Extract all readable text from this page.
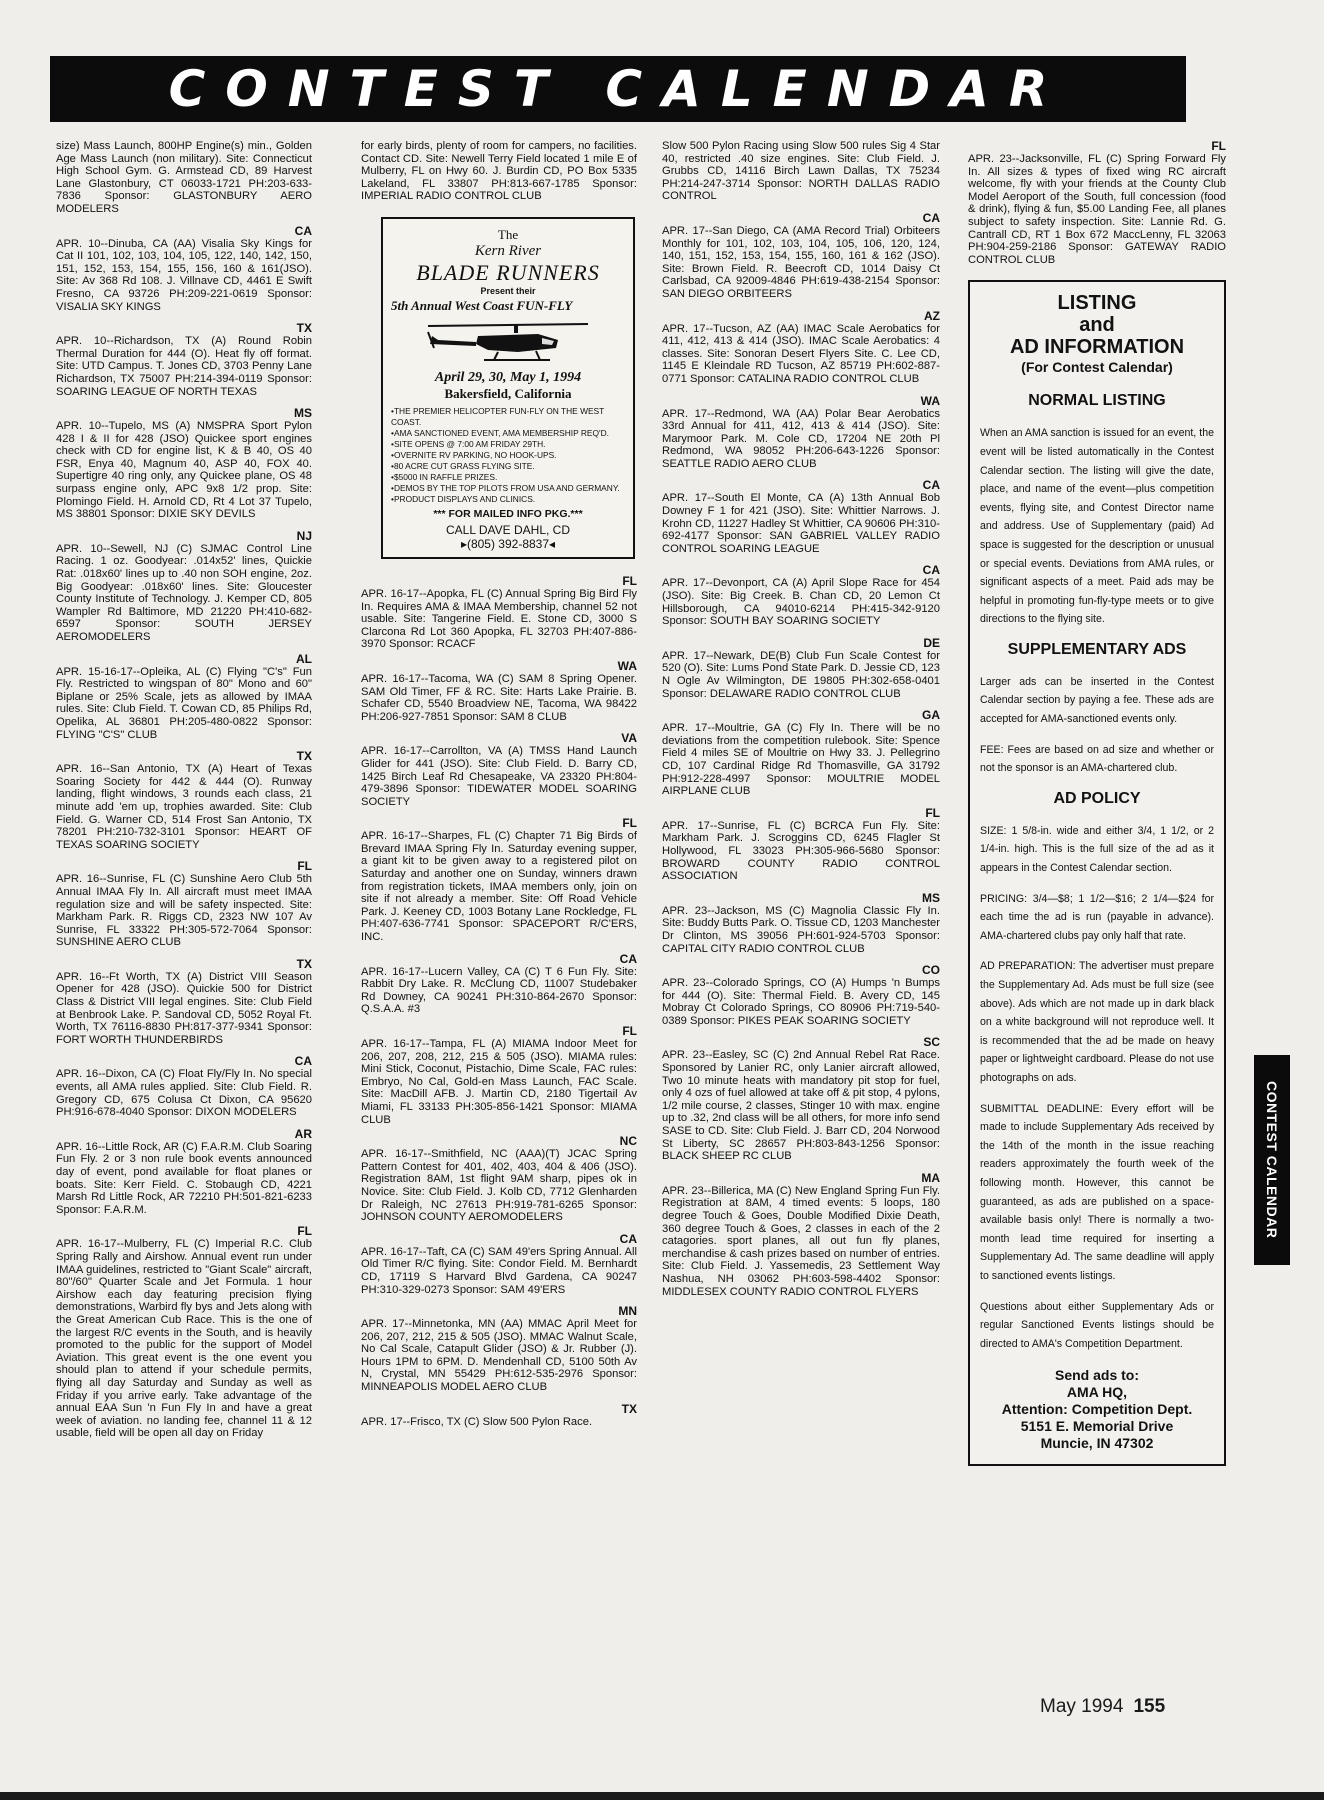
CONTEST CALENDAR
size) Mass Launch, 800HP Engine(s) min., Golden Age Mass Launch (non military). Site: Connecticut High School Gym. G. Armstead CD, 89 Harvest Lane Glastonbury, CT 06033-1721 PH:203-633-7836 Sponsor: GLASTONBURY AERO MODELERS
CA
APR. 10--Dinuba, CA (AA) Visalia Sky Kings for Cat II 101, 102, 103, 104, 105, 122, 140, 142, 150, 151, 152, 153, 154, 155, 156, 160 & 161(JSO). Site: Av 368 Rd 108. J. Villnave CD, 4461 E Swift Fresno, CA 93726 PH:209-221-0619 Sponsor: VISALIA SKY KINGS
TX
APR. 10--Richardson, TX (A) Round Robin Thermal Duration for 444 (O). Heat fly off format. Site: UTD Campus. T. Jones CD, 3703 Penny Lane Richardson, TX 75007 PH:214-394-0119 Sponsor: SOARING LEAGUE OF NORTH TEXAS
MS
APR. 10--Tupelo, MS (A) NMSPRA Sport Pylon 428 I & II for 428 (JSO) Quickee sport engines check with CD for engine list, K & B 40, OS 40 FSR, Enya 40, Magnum 40, ASP 40, FOX 40. Supertigre 40 ring only, any Quickee plane, OS 48 surpass engine only, APC 9x8 1/2 prop. Site: Plomingo Field. H. Arnold CD, Rt 4 Lot 37 Tupelo, MS 38801 Sponsor: DIXIE SKY DEVILS
NJ
APR. 10--Sewell, NJ (C) SJMAC Control Line Racing. 1 oz. Goodyear: .014x52' lines, Quickie Rat: .018x60' lines up to .40 non SOH engine, 2oz. Big Goodyear: .018x60' lines. Site: Gloucester County Institute of Technology. J. Kemper CD, 805 Wampler Rd Baltimore, MD 21220 PH:410-682-6597 Sponsor: SOUTH JERSEY AEROMODELERS
AL
APR. 15-16-17--Opleika, AL (C) Flying "C's" Fun Fly. Restricted to wingspan of 80" Mono and 60" Biplane or 25% Scale, jets as allowed by IMAA rules. Site: Club Field. T. Cowan CD, 85 Philips Rd, Opelika, AL 36801 PH:205-480-0822 Sponsor: FLYING "C'S" CLUB
TX
APR. 16--San Antonio, TX (A) Heart of Texas Soaring Society for 442 & 444 (O). Runway landing, flight windows, 3 rounds each class, 21 minute add 'em up, trophies awarded. Site: Club Field. G. Warner CD, 514 Frost San Antonio, TX 78201 PH:210-732-3101 Sponsor: HEART OF TEXAS SOARING SOCIETY
FL
APR. 16--Sunrise, FL (C) Sunshine Aero Club 5th Annual IMAA Fly In. All aircraft must meet IMAA regulation size and will be safety inspected. Site: Markham Park. R. Riggs CD, 2323 NW 107 Av Sunrise, FL 33322 PH:305-572-7064 Sponsor: SUNSHINE AERO CLUB
TX
APR. 16--Ft Worth, TX (A) District VIII Season Opener for 428 (JSO). Quickie 500 for District Class & District VIII legal engines. Site: Club Field at Benbrook Lake. P. Sandoval CD, 5052 Royal Ft. Worth, TX 76116-8830 PH:817-377-9341 Sponsor: FORT WORTH THUNDERBIRDS
CA
APR. 16--Dixon, CA (C) Float Fly/Fly In. No special events, all AMA rules applied. Site: Club Field. R. Gregory CD, 675 Colusa Ct Dixon, CA 95620 PH:916-678-4040 Sponsor: DIXON MODELERS
AR
APR. 16--Little Rock, AR (C) F.A.R.M. Club Soaring Fun Fly. 2 or 3 non rule book events announced day of event, pond available for float planes or boats. Site: Kerr Field. C. Stobaugh CD, 4221 Marsh Rd Little Rock, AR 72210 PH:501-821-6233 Sponsor: F.A.R.M.
FL
APR. 16-17--Mulberry, FL (C) Imperial R.C. Club Spring Rally and Airshow. Annual event run under IMAA guidelines, restricted to "Giant Scale" aircraft, 80"/60" Quarter Scale and Jet Formula. 1 hour Airshow each day featuring precision flying demonstrations, Warbird fly bys and Jets along with the Great American Cub Race. This is the one of the largest R/C events in the South, and is heavily promoted to the public for the support of Model Aviation. This great event is the one event you should plan to attend if your schedule permits, flying all day Saturday and Sunday as well as Friday if you arrive early. Take advantage of the annual EAA Sun 'n Fun Fly In and have a great week of aviation. no landing fee, channel 11 & 12 usable, field will be open all day on Friday
for early birds, plenty of room for campers, no facilities. Contact CD. Site: Newell Terry Field located 1 mile E of Mulberry, FL on Hwy 60. J. Burdin CD, PO Box 5335 Lakeland, FL 33807 PH:813-667-1785 Sponsor: IMPERIAL RADIO CONTROL CLUB
The
Kern River
BLADE RUNNERS
Present their
5th Annual West Coast FUN-FLY
April 29, 30, May 1, 1994
Bakersfield, California
• THE PREMIER HELICOPTER FUN-FLY ON THE WEST COAST.
• AMA SANCTIONED EVENT, AMA MEMBERSHIP REQ'D.
• SITE OPENS @ 7:00 AM FRIDAY 29TH.
• OVERNITE RV PARKING, NO HOOK-UPS.
• 80 ACRE CUT GRASS FLYING SITE.
• $5000 IN RAFFLE PRIZES.
• DEMOS BY THE TOP PILOTS FROM USA AND GERMANY.
• PRODUCT DISPLAYS AND CLINICS.
*** FOR MAILED INFO PKG.***
CALL DAVE DAHL, CD
▸(805) 392-8837◂
FL
APR. 16-17--Apopka, FL (C) Annual Spring Big Bird Fly In. Requires AMA & IMAA Membership, channel 52 not usable. Site: Tangerine Field. E. Stone CD, 3000 S Clarcona Rd Lot 360 Apopka, FL 32703 PH:407-886-3970 Sponsor: RCACF
WA
APR. 16-17--Tacoma, WA (C) SAM 8 Spring Opener. SAM Old Timer, FF & RC. Site: Harts Lake Prairie. B. Schafer CD, 5540 Broadview NE, Tacoma, WA 98422 PH:206-927-7851 Sponsor: SAM 8 CLUB
VA
APR. 16-17--Carrollton, VA (A) TMSS Hand Launch Glider for 441 (JSO). Site: Club Field. D. Barry CD, 1425 Birch Leaf Rd Chesapeake, VA 23320 PH:804-479-3896 Sponsor: TIDEWATER MODEL SOARING SOCIETY
FL
APR. 16-17--Sharpes, FL (C) Chapter 71 Big Birds of Brevard IMAA Spring Fly In. Saturday evening supper, a giant kit to be given away to a registered pilot on Saturday and another one on Sunday, winners drawn from registration tickets, IMAA members only, join on site if not already a member. Site: Off Road Vehicle Park. J. Keeney CD, 1003 Botany Lane Rockledge, FL PH:407-636-7741 Sponsor: SPACEPORT R/C'ERS, INC.
CA
APR. 16-17--Lucern Valley, CA (C) T 6 Fun Fly. Site: Rabbit Dry Lake. R. McClung CD, 11007 Studebaker Rd Downey, CA 90241 PH:310-864-2670 Sponsor: Q.S.A.A. #3
FL
APR. 16-17--Tampa, FL (A) MIAMA Indoor Meet for 206, 207, 208, 212, 215 & 505 (JSO). MIAMA rules: Mini Stick, Coconut, Pistachio, Dime Scale, FAC rules: Embryo, No Cal, Gold-en Mass Launch, FAC Scale. Site: MacDill AFB. J. Martin CD, 2180 Tigertail Av Miami, FL 33133 PH:305-856-1421 Sponsor: MIAMA CLUB
NC
APR. 16-17--Smithfield, NC (AAA)(T) JCAC Spring Pattern Contest for 401, 402, 403, 404 & 406 (JSO). Registration 8AM, 1st flight 9AM sharp, pipes ok in Novice. Site: Club Field. J. Kolb CD, 7712 Glenharden Dr Raleigh, NC 27613 PH:919-781-6265 Sponsor: JOHNSON COUNTY AEROMODELERS
CA
APR. 16-17--Taft, CA (C) SAM 49'ers Spring Annual. All Old Timer R/C flying. Site: Condor Field. M. Bernhardt CD, 17119 S Harvard Blvd Gardena, CA 90247 PH:310-329-0273 Sponsor: SAM 49'ERS
MN
APR. 17--Minnetonka, MN (AA) MMAC April Meet for 206, 207, 212, 215 & 505 (JSO). MMAC Walnut Scale, No Cal Scale, Catapult Glider (JSO) & Jr. Rubber (J). Hours 1PM to 6PM. D. Mendenhall CD, 5100 50th Av N, Crystal, MN 55429 PH:612-535-2976 Sponsor: MINNEAPOLIS MODEL AERO CLUB
TX
APR. 17--Frisco, TX (C) Slow 500 Pylon Race.
Slow 500 Pylon Racing using Slow 500 rules Sig 4 Star 40, restricted .40 size engines. Site: Club Field. J. Grubbs CD, 14116 Birch Lawn Dallas, TX 75234 PH:214-247-3714 Sponsor: NORTH DALLAS RADIO CONTROL
CA
APR. 17--San Diego, CA (AMA Record Trial) Orbiteers Monthly for 101, 102, 103, 104, 105, 106, 120, 124, 140, 151, 152, 153, 154, 155, 160, 161 & 162 (JSO). Site: Brown Field. R. Beecroft CD, 1014 Daisy Ct Carlsbad, CA 92009-4846 PH:619-438-2154 Sponsor: SAN DIEGO ORBITEERS
AZ
APR. 17--Tucson, AZ (AA) IMAC Scale Aerobatics for 411, 412, 413 & 414 (JSO). IMAC Scale Aerobatics: 4 classes. Site: Sonoran Desert Flyers Site. C. Lee CD, 1145 E Kleindale RD Tucson, AZ 85719 PH:602-887-0771 Sponsor: CATALINA RADIO CONTROL CLUB
WA
APR. 17--Redmond, WA (AA) Polar Bear Aerobatics 33rd Annual for 411, 412, 413 & 414 (JSO). Site: Marymoor Park. M. Cole CD, 17204 NE 20th Pl Redmond, WA 98052 PH:206-643-1226 Sponsor: SEATTLE RADIO AERO CLUB
CA
APR. 17--South El Monte, CA (A) 13th Annual Bob Downey F 1 for 421 (JSO). Site: Whittier Narrows. J. Krohn CD, 11227 Hadley St Whittier, CA 90606 PH:310-692-4177 Sponsor: SAN GABRIEL VALLEY RADIO CONTROL SOARING LEAGUE
CA
APR. 17--Devonport, CA (A) April Slope Race for 454 (JSO). Site: Big Creek. B. Chan CD, 20 Lemon Ct Hillsborough, CA 94010-6214 PH:415-342-9120 Sponsor: SOUTH BAY SOARING SOCIETY
DE
APR. 17--Newark, DE(B) Club Fun Scale Contest for 520 (O). Site: Lums Pond State Park. D. Jessie CD, 123 N Ogle Av Wilmington, DE 19805 PH:302-658-0401 Sponsor: DELAWARE RADIO CONTROL CLUB
GA
APR. 17--Moultrie, GA (C) Fly In. There will be no deviations from the competition rulebook. Site: Spence Field 4 miles SE of Moultrie on Hwy 33. J. Pellegrino CD, 107 Cardinal Ridge Rd Thomasville, GA 31792 PH:912-228-4997 Sponsor: MOULTRIE MODEL AIRPLANE CLUB
FL
APR. 17--Sunrise, FL (C) BCRCA Fun Fly. Site: Markham Park. J. Scroggins CD, 6245 Flagler St Hollywood, FL 33023 PH:305-966-5680 Sponsor: BROWARD COUNTY RADIO CONTROL ASSOCIATION
MS
APR. 23--Jackson, MS (C) Magnolia Classic Fly In. Site: Buddy Butts Park. O. Tissue CD, 1203 Manchester Dr Clinton, MS 39056 PH:601-924-5703 Sponsor: CAPITAL CITY RADIO CONTROL CLUB
CO
APR. 23--Colorado Springs, CO (A) Humps 'n Bumps for 444 (O). Site: Thermal Field. B. Avery CD, 145 Mobray Ct Colorado Springs, CO 80906 PH:719-540-0389 Sponsor: PIKES PEAK SOARING SOCIETY
SC
APR. 23--Easley, SC (C) 2nd Annual Rebel Rat Race. Sponsored by Lanier RC, only Lanier aircraft allowed, Two 10 minute heats with mandatory pit stop for fuel, only 4 ozs of fuel allowed at take off & pit stop, 4 pylons, 1/2 mile course, 2 classes, Stinger 10 with max. engine up to .32, 2nd class will be all others, for more info send SASE to CD. Site: Club Field. J. Barr CD, 204 Norwood St Liberty, SC 28657 PH:803-843-1256 Sponsor: BLACK SHEEP RC CLUB
MA
APR. 23--Billerica, MA (C) New England Spring Fun Fly. Registration at 8AM, 4 timed events: 5 loops, 180 degree Touch & Goes, Double Modified Dixie Death, 360 degree Touch & Goes, 2 classes in each of the 2 catagories. sport planes, all out fun fly planes, merchandise & cash prizes based on number of entries. Site: Club Field. J. Yassemedis, 23 Settlement Way Nashua, NH 03062 PH:603-598-4402 Sponsor: MIDDLESEX COUNTY RADIO CONTROL FLYERS
FL
APR. 23--Jacksonville, FL (C) Spring Forward Fly In. All sizes & types of fixed wing RC aircraft welcome, fly with your friends at the County Club Model Aeroport of the South, full concession (food & drink), flying & fun, $5.00 Landing Fee, all planes subject to safety inspection. Site: Lannie Rd. G. Cantrall CD, RT 1 Box 672 MaccLenny, FL 32063 PH:904-259-2186 Sponsor: GATEWAY RADIO CONTROL CLUB
LISTING
and
AD INFORMATION
(For Contest Calendar)
NORMAL LISTING

When an AMA sanction is issued for an event, the event will be listed automatically in the Contest Calendar section. The listing will give the date, place, and name of the event—plus competition events, flying site, and Contest Director name and address. Use of Supplementary (paid) Ad space is suggested for the description or unusual or special events. Deviations from AMA rules, or significant aspects of a meet. Paid ads may be helpful in promoting fun-fly-type meets or to give directions to the flying site.

SUPPLEMENTARY ADS

Larger ads can be inserted in the Contest Calendar section by paying a fee. These ads are accepted for AMA-sanctioned events only.

FEE: Fees are based on ad size and whether or not the sponsor is an AMA-chartered club.

AD POLICY

SIZE: 1 5/8-in. wide and either 3/4, 1 1/2, or 2 1/4-in. high. This is the full size of the ad as it appears in the Contest Calendar section.

PRICING: 3/4—$8; 1 1/2—$16; 2 1/4—$24 for each time the ad is run (payable in advance). AMA-chartered clubs pay only half that rate.

AD PREPARATION: The advertiser must prepare the Supplementary Ad. Ads must be full size (see above). Ads which are not made up in dark black on a white background will not reproduce well. It is recommended that the ad be made on heavy paper or lightweight cardboard. Please do not use photographs on ads.

SUBMITTAL DEADLINE: Every effort will be made to include Supplementary Ads received by the 14th of the month in the issue reaching readers approximately the fourth week of the following month. However, this cannot be guaranteed, as ads are published on a space-available basis only! There is normally a two-month lead time required for inserting a Supplementary Ad. The same deadline will apply to sanctioned events listings.

Questions about either Supplementary Ads or regular Sanctioned Events listings should be directed to AMA's Competition Department.

Send ads to:
AMA HQ,
Attention: Competition Dept.
5151 E. Memorial Drive
Muncie, IN 47302
CONTEST CALENDAR
May 1994 155
